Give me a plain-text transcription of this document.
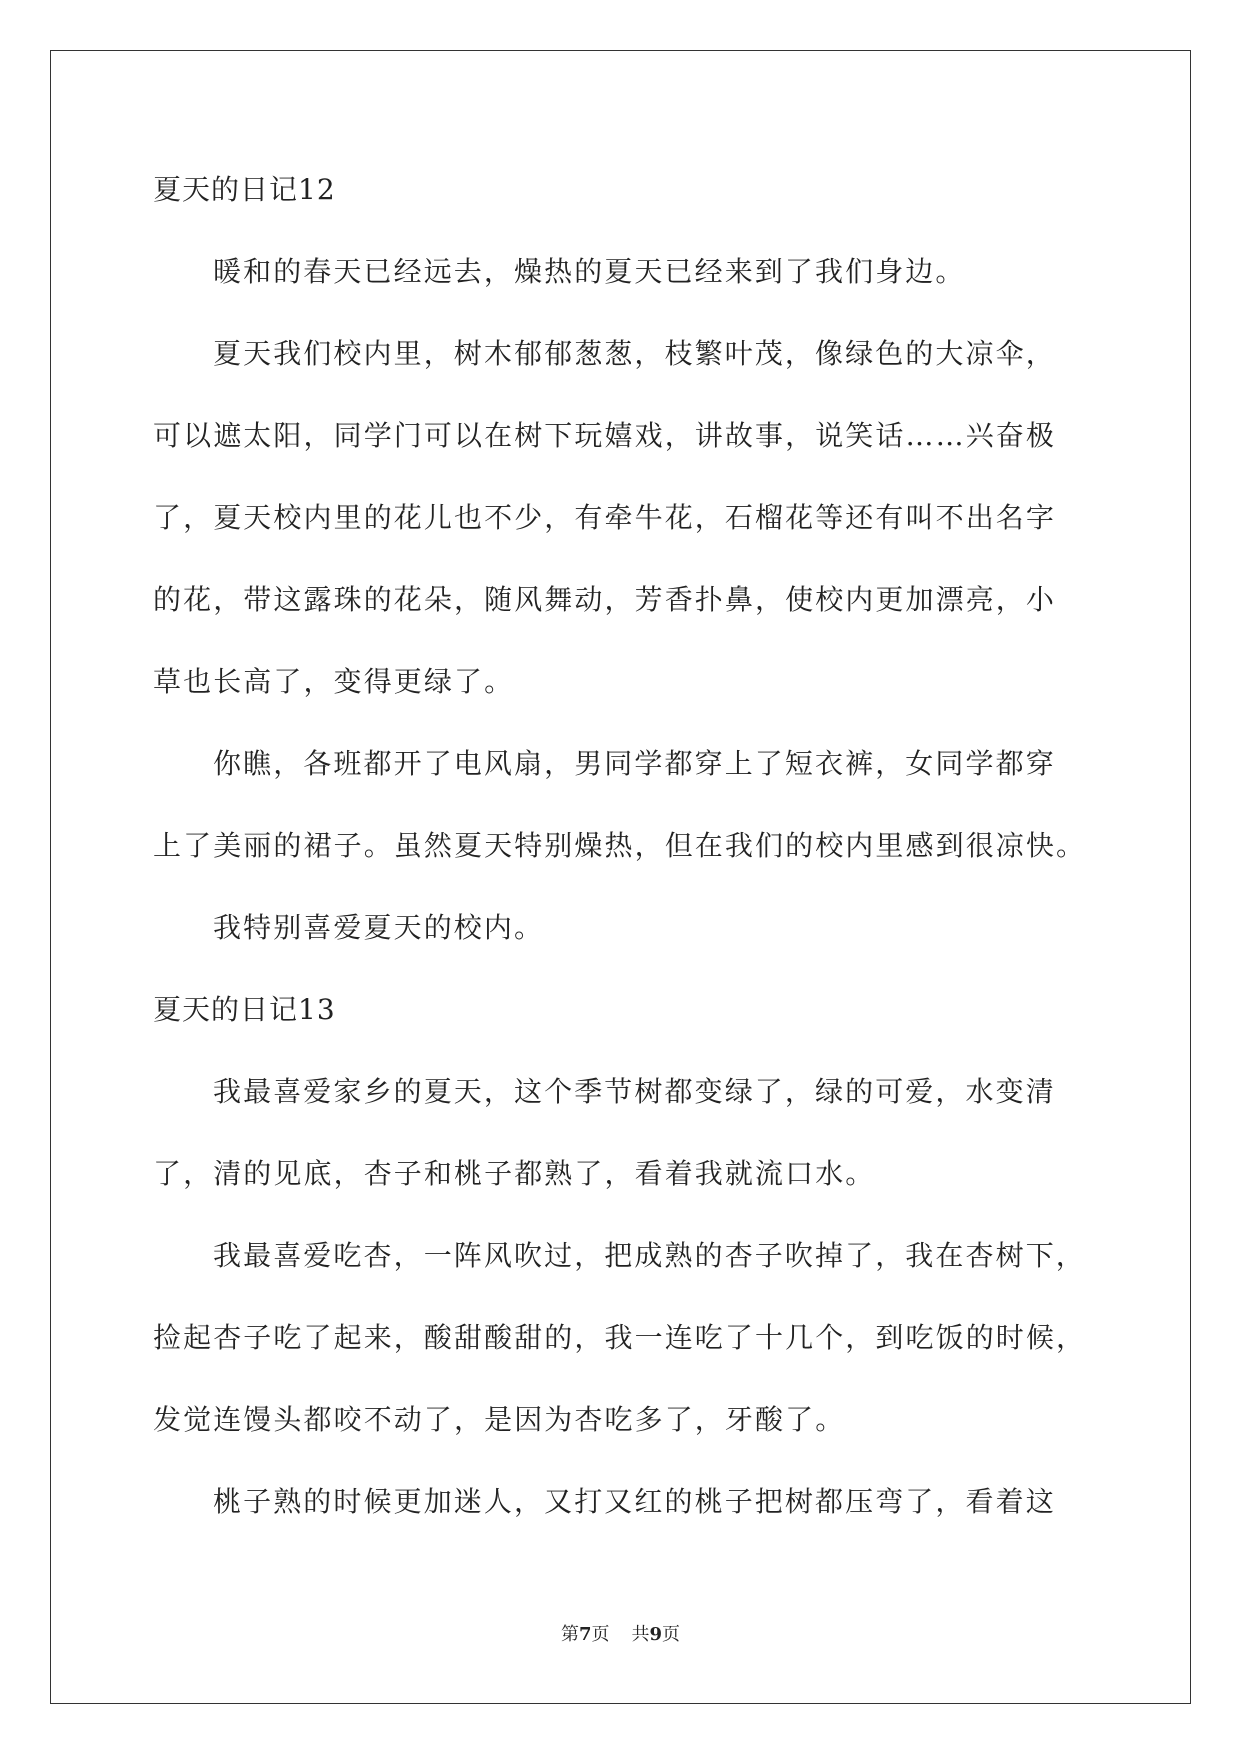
夏天的日记12
暖和的春天已经远去，燥热的夏天已经来到了我们身边。
夏天我们校内里，树木郁郁葱葱，枝繁叶茂，像绿色的大凉伞，
可以遮太阳，同学门可以在树下玩嬉戏，讲故事，说笑话……兴奋极
了，夏天校内里的花儿也不少，有牵牛花，石榴花等还有叫不出名字
的花，带这露珠的花朵，随风舞动，芳香扑鼻，使校内更加漂亮，小
草也长高了，变得更绿了。
你瞧，各班都开了电风扇，男同学都穿上了短衣裤，女同学都穿
上了美丽的裙子。虽然夏天特别燥热，但在我们的校内里感到很凉快。
我特别喜爱夏天的校内。
夏天的日记13
我最喜爱家乡的夏天，这个季节树都变绿了，绿的可爱，水变清
了，清的见底，杏子和桃子都熟了，看着我就流口水。
我最喜爱吃杏，一阵风吹过，把成熟的杏子吹掉了，我在杏树下，
捡起杏子吃了起来，酸甜酸甜的，我一连吃了十几个，到吃饭的时候，
发觉连馒头都咬不动了，是因为杏吃多了，牙酸了。
桃子熟的时候更加迷人，又打又红的桃子把树都压弯了，看着这
第7页 共9页
